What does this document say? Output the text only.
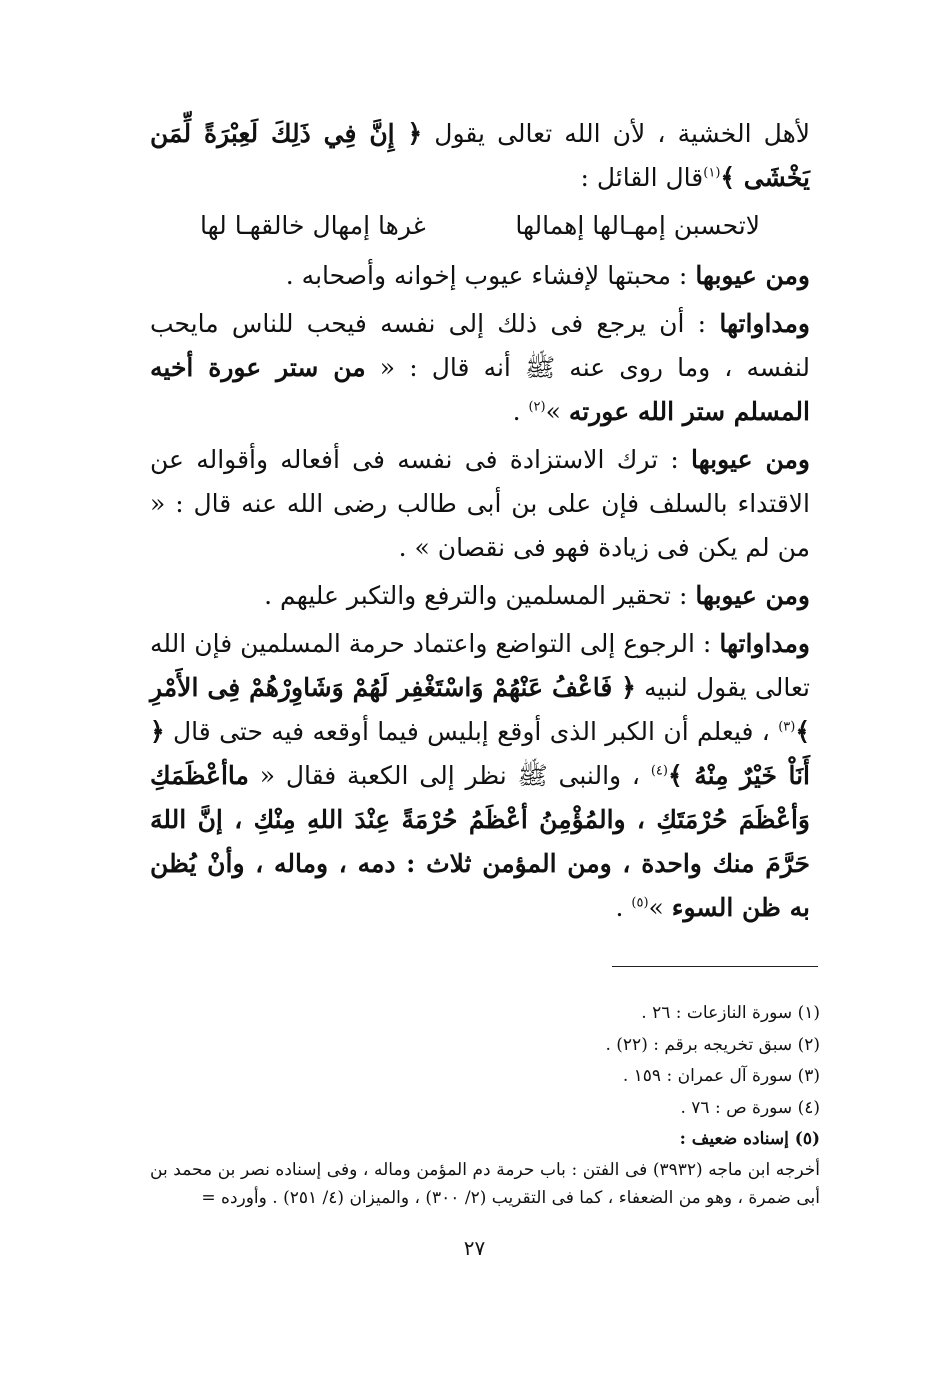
لأهل الخشية ، لأن الله تعالى يقول ﴿ إِنَّ فِي ذَلِكَ لَعِبْرَةً لِّمَن يَخْشَى ﴾$^{(١)}$قال القائل :

لاتحسبن إمهـالها إهمالها
غرها إمهال خالقهـا لها

ومن عيوبها : محبتها لإفشاء عيوب إخوانه وأصحابه .

ومداواتها : أن يرجع فى ذلك إلى نفسه فيحب للناس مايحب لنفسه ، وما روى عنه ﷺ أنه قال : « من ستر عورة أخيه المسلم ستر الله عورته »$^{(٢)}$ .

ومن عيوبها : ترك الاستزادة فى نفسه فى أفعاله وأقواله عن الاقتداء بالسلف فإن على بن أبى طالب رضى الله عنه قال : « من لم يكن فى زيادة فهو فى نقصان » .

ومن عيوبها : تحقير المسلمين والترفع والتكبر عليهم .

ومداواتها : الرجوع إلى التواضع واعتماد حرمة المسلمين فإن الله تعالى يقول لنبيه ﴿ فَاعْفُ عَنْهُمْ وَاسْتَغْفِر لَهُمْ وَشَاوِرْهُمْ فِى الأَمْرِ ﴾$^{(٣)}$ ، فيعلم أن الكبر الذى أوقع إبليس فيما أوقعه فيه حتى قال ﴿ أَنَاْ خَيْرٌ مِنْهُ ﴾$^{(٤)}$ ، والنبى ﷺ نظر إلى الكعبة فقال « ماأعْظَمَكِ وَأعْظَمَ حُرْمَتَكِ ، والمُؤْمِنُ أعْظَمُ حُرْمَةً عِنْدَ اللهِ مِنْكِ ، إنَّ اللهَ حَرَّمَ منك واحدة ، ومن المؤمن ثلاث : دمه ، وماله ، وأنْ يُظن به ظن السوء »$^{(٥)}$ .

(١) سورة النازعات : ٢٦ .
(٢) سبق تخريجه برقم : (٢٢) .
(٣) سورة آل عمران : ١٥٩ .
(٤) سورة ص : ٧٦ .
(٥) إسناده ضعيف :
أخرجه ابن ماجه (٣٩٣٢) فى الفتن : باب حرمة دم المؤمن وماله ، وفى إسناده نصر بن محمد بن أبى ضمرة ، وهو من الضعفاء ، كما فى التقريب (٢/ ٣٠٠) ، والميزان (٤/ ٢٥١) . وأورده =
٢٧
